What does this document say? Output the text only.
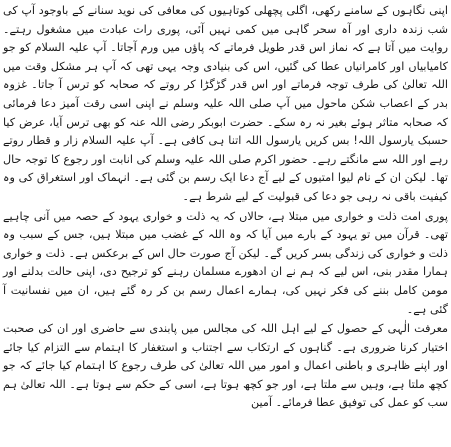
اپنی نگاہوں کے سامنے رکھی، اگلی پچھلی کوتاہیوں کی معافی کی نوید سنانے کے باوجود آپ کی شب زندہ داری اور آہ سحر گاہی میں کمی نہیں آئی، پوری رات عبادت میں مشغول رہتے۔ روایت میں آتا ہے کہ نماز اس قدر طویل فرماتے کہ پاؤں میں ورم آجاتا۔ آپ علیہ السلام کو جو کامیابیاں اور کامرانیاں عطا کی گئیں، اس کی بنیادی وجہ یہی تھی کہ آپ ہر مشکل وقت میں اللہ تعالیٰ کی طرف توجہ فرماتے اور اس قدر گڑگڑا کر روتے کہ صحابہ کو ترس آ جاتا۔ غزوہ بدر کے اعصاب شکن ماحول میں آپ صلی اللہ علیہ وسلم نے اپنی اسی رقت آمیز دعا فرمائی کہ صحابہ متاثر ہوئے بغیر نہ رہ سکے۔ حضرت ابوبکر رضی اللہ عنہ کو بھی ترس آیا، عرض کیا حسبک یارسول اللہ! بس کریں یارسول اللہ اتنا ہی کافی ہے۔ آپ علیہ السلام زار و قطار روتے رہے اور اللہ سے مانگتے رہے۔ حضور اکرم صلی اللہ علیہ وسلم کی انابت اور رجوع کا توجہ حال تھا۔ لیکن ان کے نام لیوا امتیوں کے لیے آج دعا ایک رسم بن گئی ہے۔ انہماک اور استغراق کی وہ کیفیت باقی نہ رہی جو دعا کی قبولیت کے لیے شرط ہے۔

پوری امت ذلت و خواری میں مبتلا ہے، حالاں کہ یہ ذلت و خواری یہود کے حصہ میں آنی چاہیے تھی۔ قرآن میں تو یہود کے بارے میں آیا کہ وہ اللہ کے غضب میں مبتلا ہیں، جس کے سبب وہ ذلت و خواری کی زندگی بسر کریں گے۔ لیکن آج صورت حال اس کے برعکس ہے۔ ذلت و خواری ہمارا مقدر بنی، اس لیے کہ ہم نے ان ادھورے مسلمان رہنے کو ترجیح دی، اپنی حالت بدلنے اور مومن کامل بننے کی فکر نہیں کی، ہمارے اعمال رسم بن کر رہ گئے ہیں، ان میں نفسانیت آ گئی ہے۔

معرفت الٰہی کے حصول کے لیے اہل اللہ کی مجالس میں پابندی سے حاضری اور ان کی صحبت اختیار کرنا ضروری ہے۔ گناہوں کے ارتکاب سے اجتناب و استغفار کا اہتمام سے التزام کیا جائے اور اپنے ظاہری و باطنی اعمال و امور میں اللہ تعالیٰ کی طرف رجوع کا اہتمام کیا جائے کہ جو کچھ ملتا ہے، وہیں سے ملتا ہے، اور جو کچھ ہوتا ہے، اسی کے حکم سے ہوتا ہے۔ اللہ تعالیٰ ہم سب کو عمل کی توفیق عطا فرمائے۔ آمین
